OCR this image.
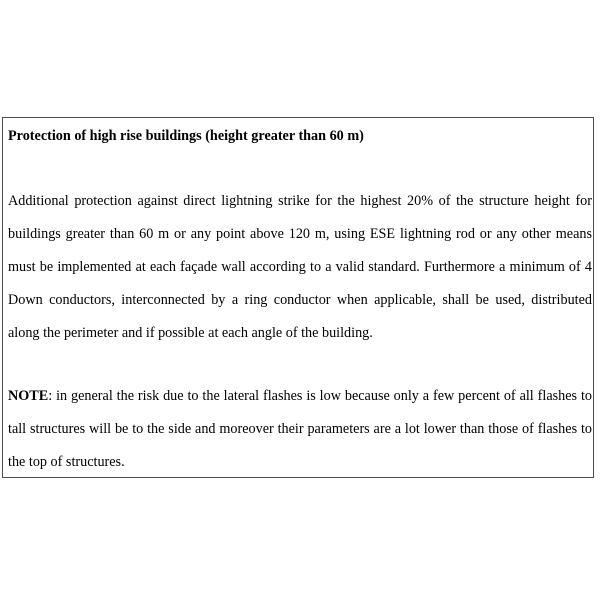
Protection of high rise buildings (height greater than 60 m)

Additional protection against direct lightning strike for the highest 20% of the structure height for buildings greater than 60 m or any point above 120 m, using ESE lightning rod or any other means must be implemented at each façade wall according to a valid standard. Furthermore a minimum of 4 Down conductors, interconnected by a ring conductor when applicable, shall be used, distributed along the perimeter and if possible at each angle of the building.

NOTE: in general the risk due to the lateral flashes is low because only a few percent of all flashes to tall structures will be to the side and moreover their parameters are a lot lower than those of flashes to the top of structures.
